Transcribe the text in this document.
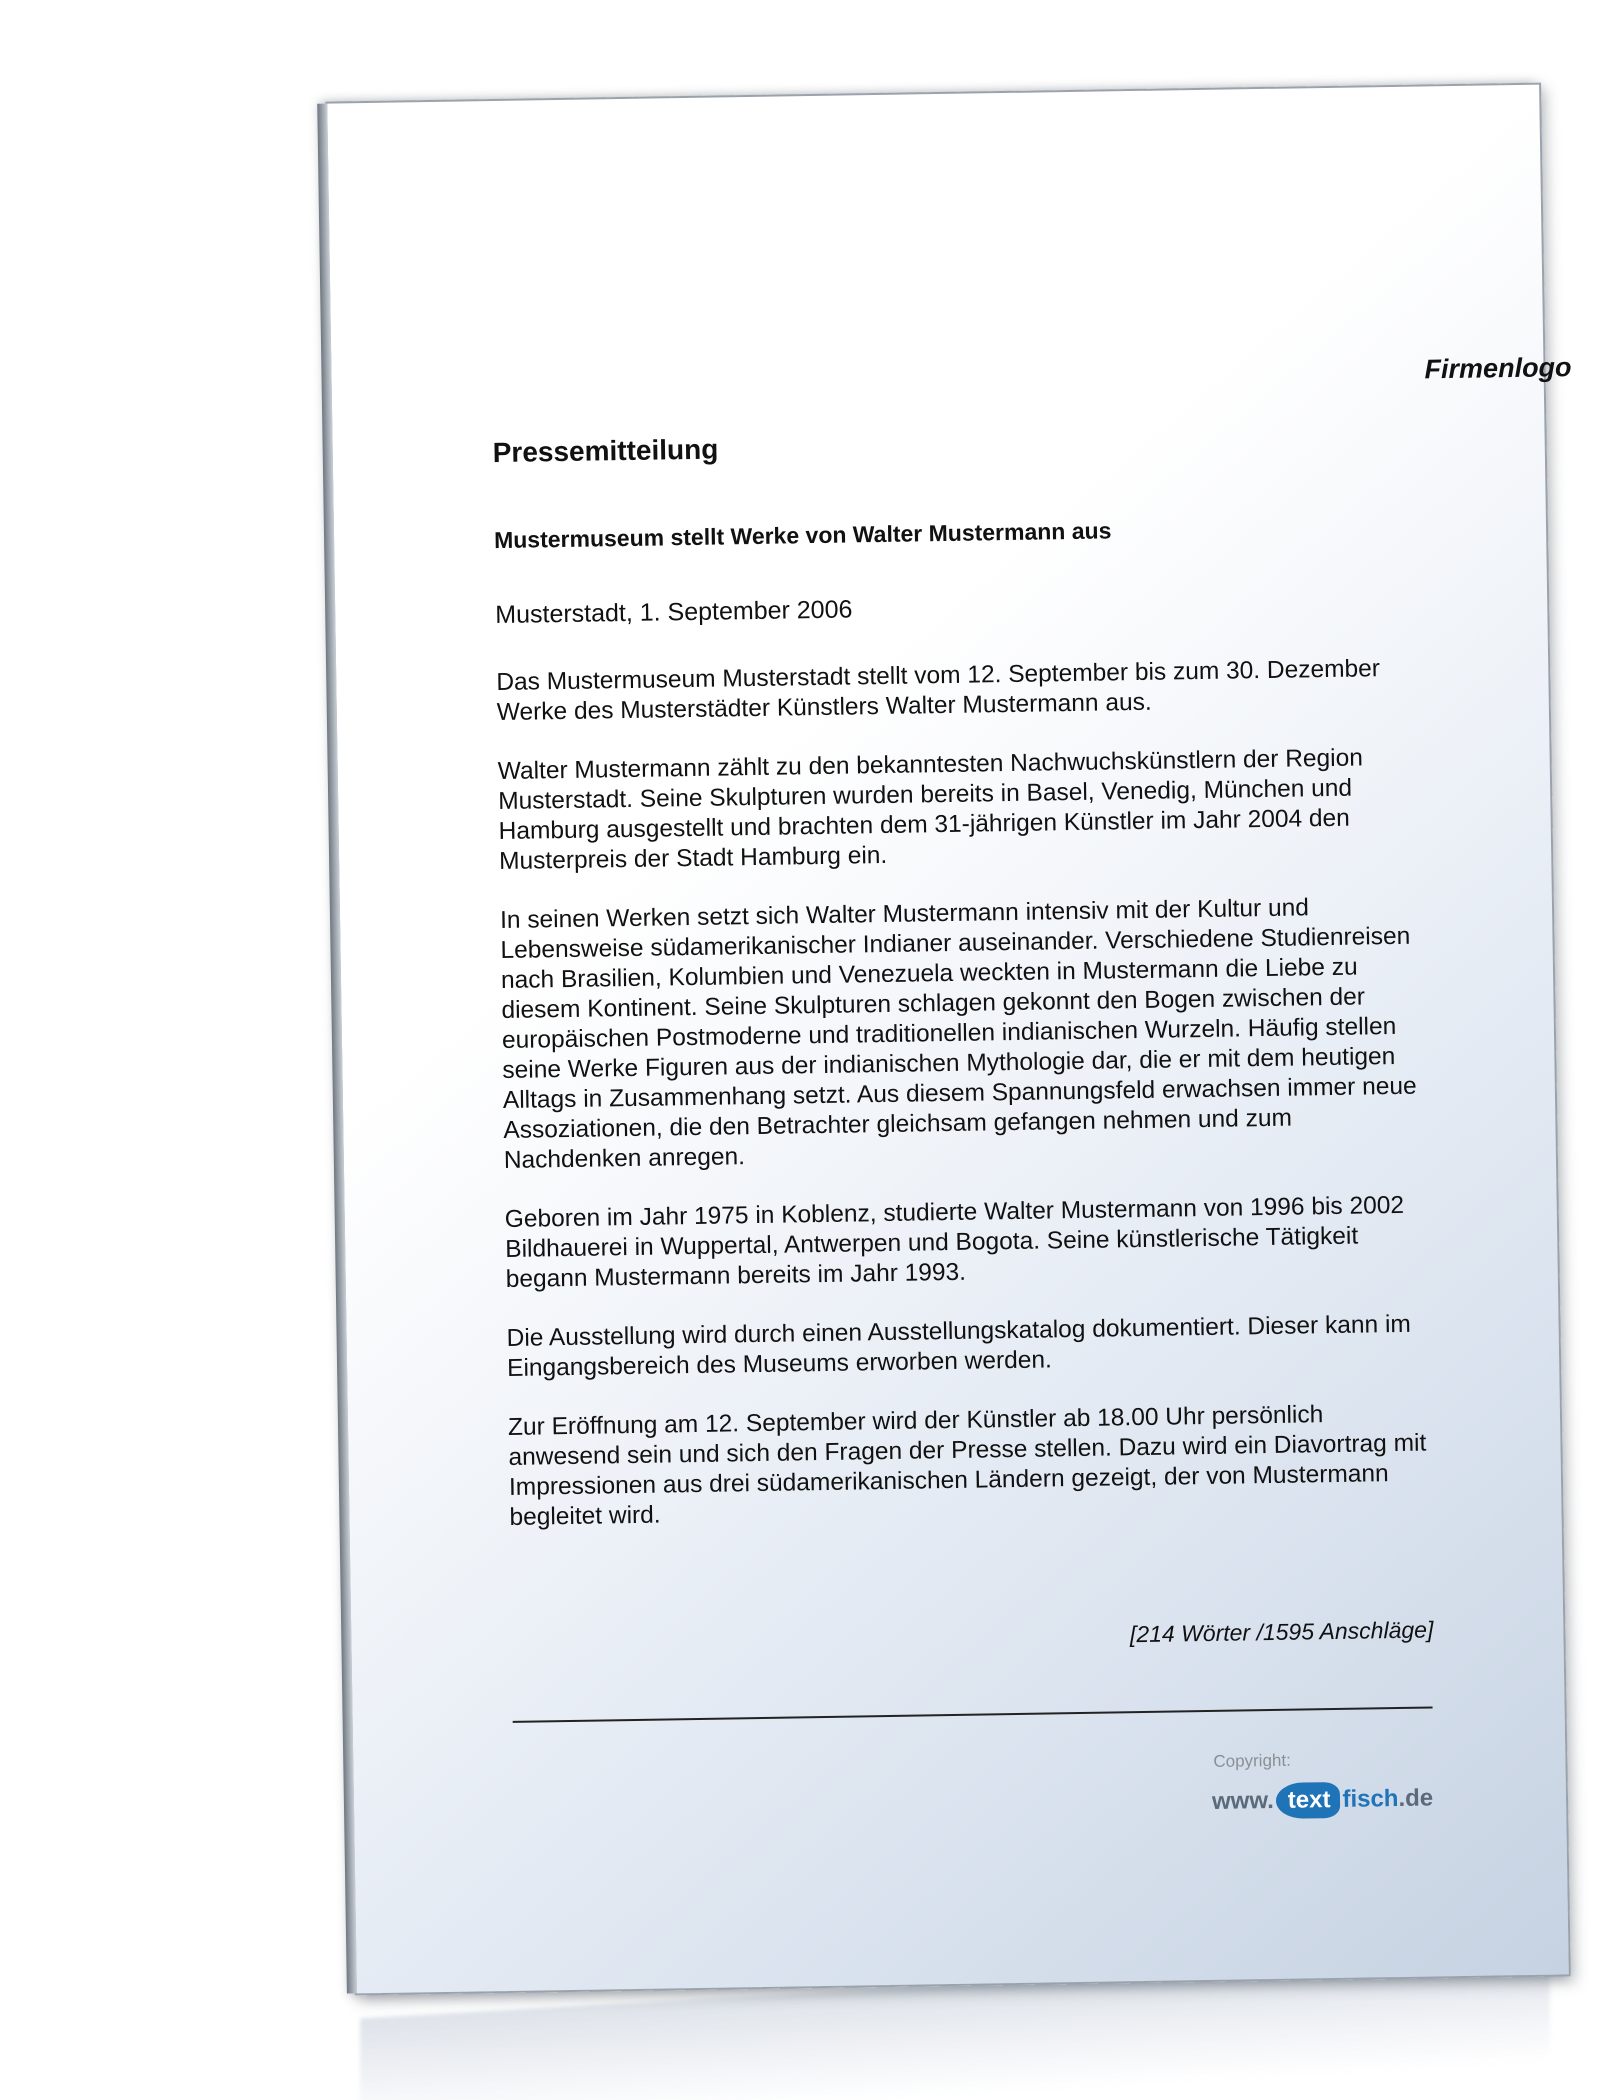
Firmenlogo
Pressemitteilung
Mustermuseum stellt Werke von Walter Mustermann aus
Musterstadt, 1. September 2006

Das Mustermuseum Musterstadt stellt vom 12. September bis zum 30. Dezember Werke des Musterstädter Künstlers Walter Mustermann aus.

Walter Mustermann zählt zu den bekanntesten Nachwuchskünstlern der Region Musterstadt. Seine Skulpturen wurden bereits in Basel, Venedig, München und Hamburg ausgestellt und brachten dem 31-jährigen Künstler im Jahr 2004 den Musterpreis der Stadt Hamburg ein.

In seinen Werken setzt sich Walter Mustermann intensiv mit der Kultur und Lebensweise südamerikanischer Indianer auseinander. Verschiedene Studienreisen nach Brasilien, Kolumbien und Venezuela weckten in Mustermann die Liebe zu diesem Kontinent. Seine Skulpturen schlagen gekonnt den Bogen zwischen der europäischen Postmoderne und traditionellen indianischen Wurzeln. Häufig stellen seine Werke Figuren aus der indianischen Mythologie dar, die er mit dem heutigen Alltags in Zusammenhang setzt. Aus diesem Spannungsfeld erwachsen immer neue Assoziationen, die den Betrachter gleichsam gefangen nehmen und zum Nachdenken anregen.

Geboren im Jahr 1975 in Koblenz, studierte Walter Mustermann von 1996 bis 2002 Bildhauerei in Wuppertal, Antwerpen und Bogota. Seine künstlerische Tätigkeit begann Mustermann bereits im Jahr 1993.

Die Ausstellung wird durch einen Ausstellungskatalog dokumentiert. Dieser kann im Eingangsbereich des Museums erworben werden.

Zur Eröffnung am 12. September wird der Künstler ab 18.00 Uhr persönlich anwesend sein und sich den Fragen der Presse stellen. Dazu wird ein Diavortrag mit Impressionen aus drei südamerikanischen Ländern gezeigt, der von Mustermann begleitet wird.

[214 Wörter /1595 Anschläge]
Copyright:
www. text fisch .de
